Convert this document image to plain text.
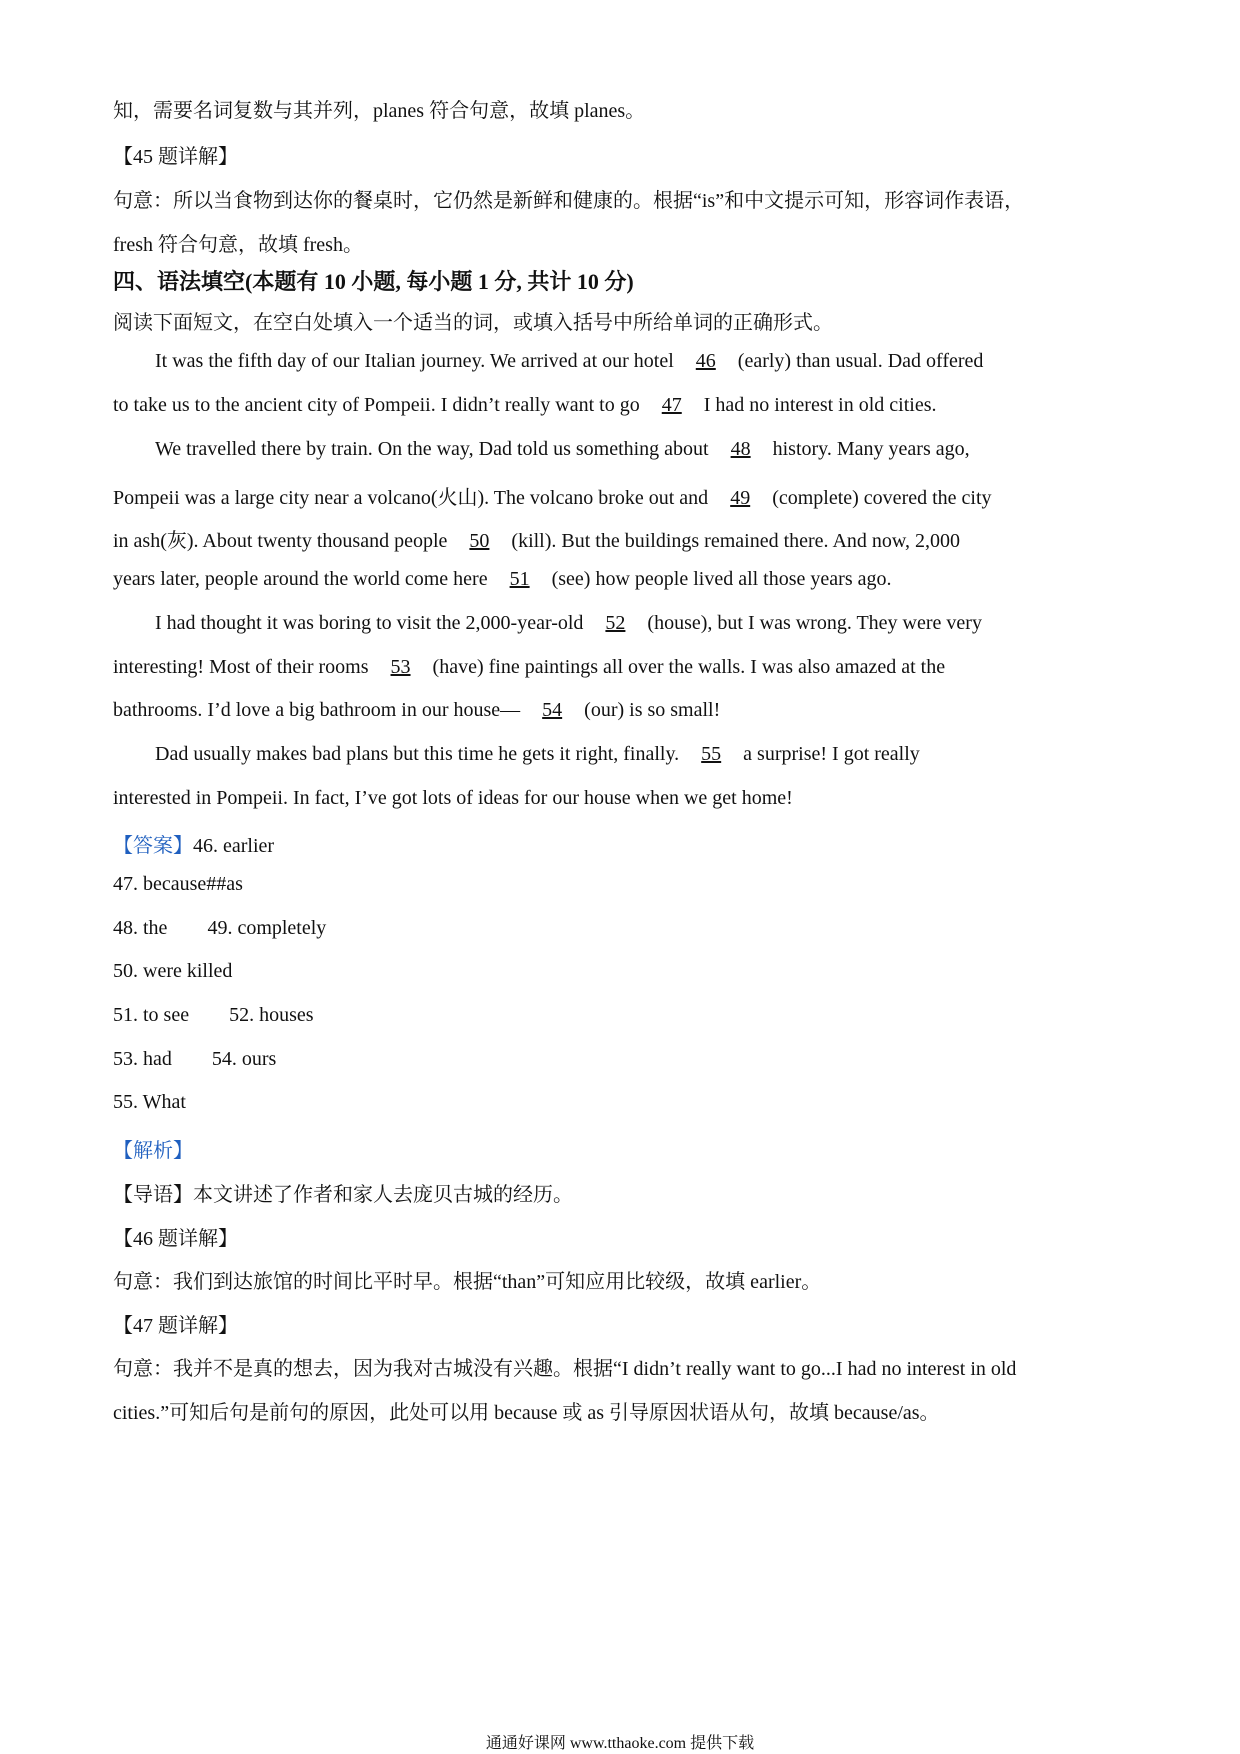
知，需要名词复数与其并列，planes 符合句意，故填 planes。
【45 题详解】
句意：所以当食物到达你的餐桌时，它仍然是新鲜和健康的。根据“is”和中文提示可知，形容词作表语，
fresh 符合句意，故填 fresh。
四、语法填空(本题有 10 小题, 每小题 1 分, 共计 10 分)
阅读下面短文，在空白处填入一个适当的词，或填入括号中所给单词的正确形式。
It was the fifth day of our Italian journey. We arrived at our hotel 46 (early) than usual. Dad offered
to take us to the ancient city of Pompeii. I didn’t really want to go 47 I had no interest in old cities.
We travelled there by train. On the way, Dad told us something about 48 history. Many years ago,
Pompeii was a large city near a volcano(火山). The volcano broke out and 49 (complete) covered the city
in ash(灰). About twenty thousand people 50 (kill). But the buildings remained there. And now, 2,000
years later, people around the world come here 51 (see) how people lived all those years ago.
I had thought it was boring to visit the 2,000-year-old 52 (house), but I was wrong. They were very
interesting! Most of their rooms 53 (have) fine paintings all over the walls. I was also amazed at the
bathrooms. I’d love a big bathroom in our house— 54 (our) is so small!
Dad usually makes bad plans but this time he gets it right, finally. 55 a surprise! I got really
interested in Pompeii. In fact, I’ve got lots of ideas for our house when we get home!
【答案】46. earlier
47. because##as
48. the 49. completely
50. were killed
51. to see 52. houses
53. had 54. ours
55. What
【解析】
【导语】本文讲述了作者和家人去庞贝古城的经历。
【46 题详解】
句意：我们到达旅馆的时间比平时早。根据“than”可知应用比较级，故填 earlier。
【47 题详解】
句意：我并不是真的想去，因为我对古城没有兴趣。根据“I didn’t really want to go...I had no interest in old
cities.”可知后句是前句的原因，此处可以用 because 或 as 引导原因状语从句，故填 because/as。
通通好课网 www.tthaoke.com 提供下载
